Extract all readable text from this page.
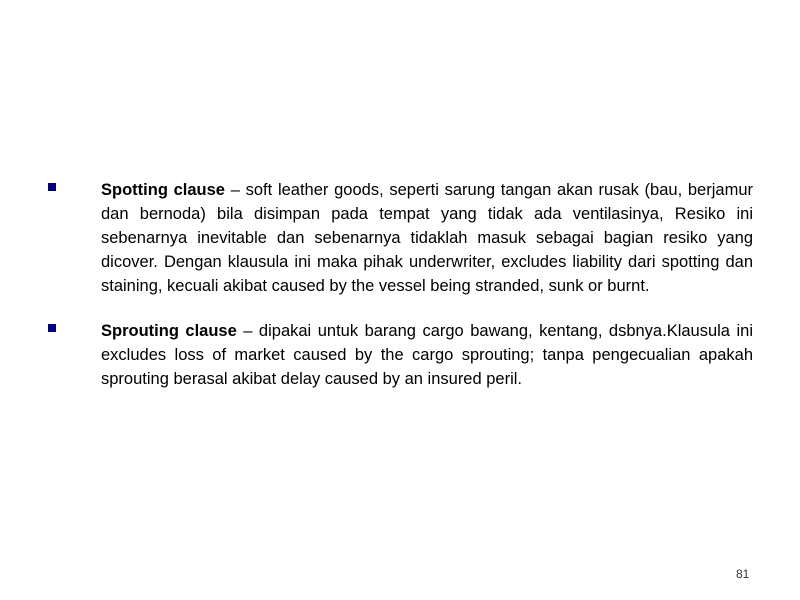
Spotting clause – soft leather goods, seperti sarung tangan akan rusak (bau, berjamur dan bernoda) bila disimpan pada tempat yang tidak ada ventilasinya, Resiko ini sebenarnya inevitable dan sebenarnya tidaklah masuk sebagai bagian resiko yang dicover. Dengan klausula ini maka pihak underwriter, excludes liability dari spotting dan staining, kecuali akibat caused by the vessel being stranded, sunk or burnt.
Sprouting clause – dipakai untuk barang cargo bawang, kentang, dsbnya.Klausula ini excludes loss of market caused by the cargo sprouting; tanpa pengecualian apakah sprouting berasal akibat delay caused by an insured peril.
81
